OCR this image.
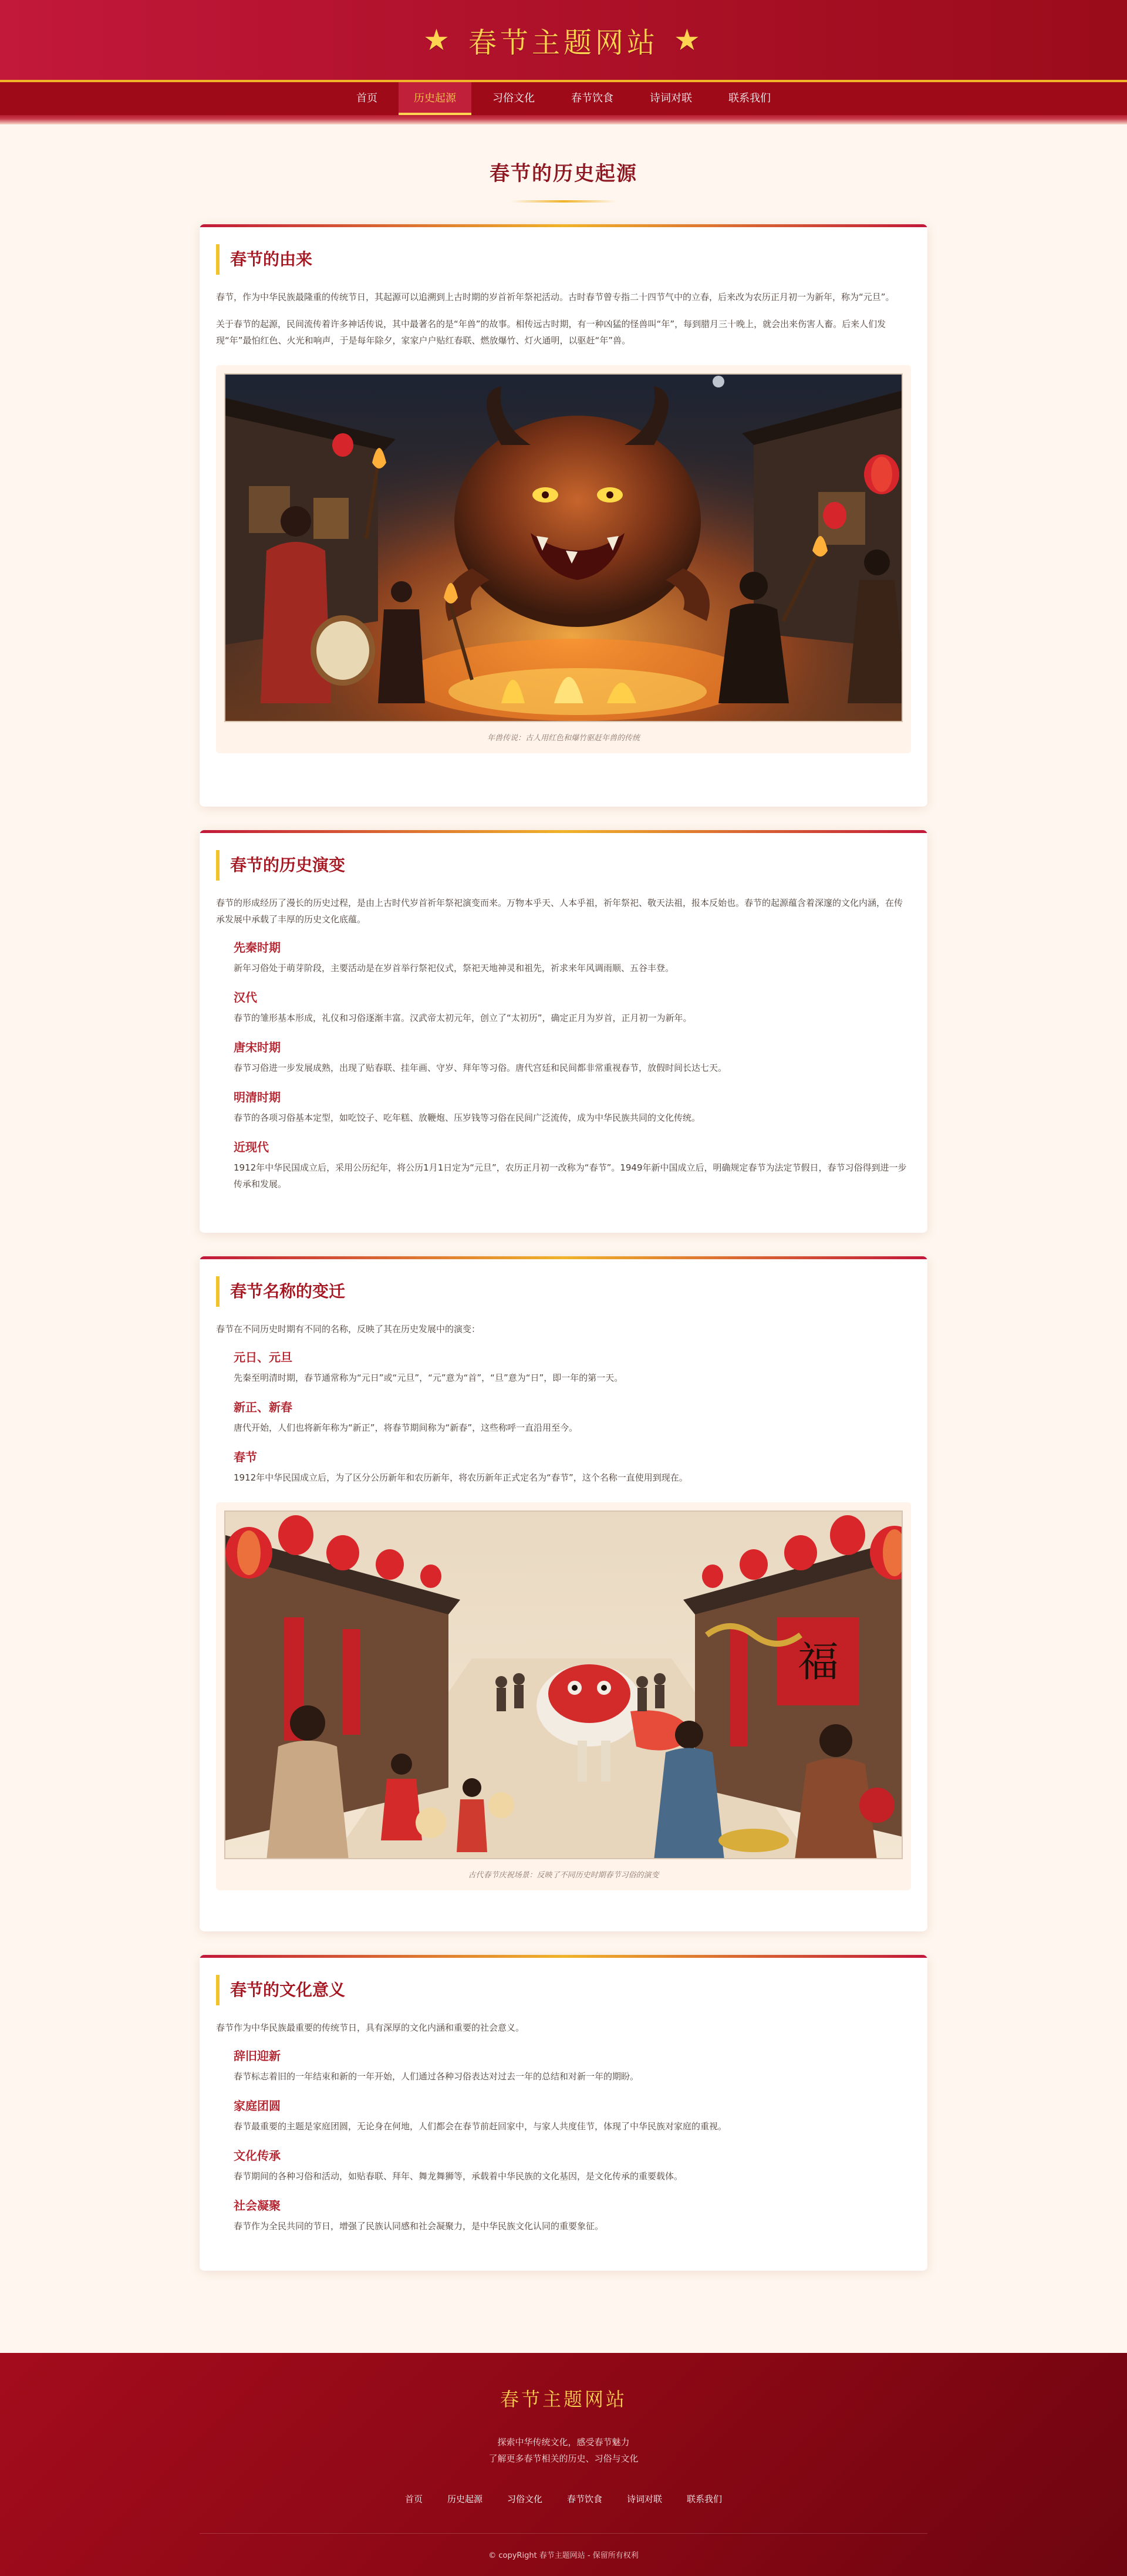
★ 春节主题网站 ★
首页	历史起源	习俗文化	春节饮食	诗词对联	联系我们
春节的历史起源
春节的由来

春节，作为中华民族最隆重的传统节日，其起源可以追溯到上古时期的岁首祈年祭祀活动。古时春节曾专指二十四节气中的立春，后来改为农历正月初一为新年，称为“元旦”。

关于春节的起源，民间流传着许多神话传说，其中最著名的是“年兽”的故事。相传远古时期，有一种凶猛的怪兽叫“年”，每到腊月三十晚上，就会出来伤害人畜。后来人们发现“年”最怕红色、火光和响声，于是每年除夕，家家户户贴红春联、燃放爆竹、灯火通明，以驱赶“年”兽。

年兽传说：古人用红色和爆竹驱赶年兽的传统
春节的历史演变

春节的形成经历了漫长的历史过程，是由上古时代岁首祈年祭祀演变而来。万物本乎天、人本乎祖，祈年祭祀、敬天法祖，报本反始也。春节的起源蕴含着深邃的文化内涵，在传承发展中承载了丰厚的历史文化底蕴。

先秦时期

新年习俗处于萌芽阶段，主要活动是在岁首举行祭祀仪式，祭祀天地神灵和祖先，祈求来年风调雨顺、五谷丰登。

汉代

春节的雏形基本形成，礼仪和习俗逐渐丰富。汉武帝太初元年，创立了“太初历”，确定正月为岁首，正月初一为新年。

唐宋时期

春节习俗进一步发展成熟，出现了贴春联、挂年画、守岁、拜年等习俗。唐代宫廷和民间都非常重视春节，放假时间长达七天。

明清时期

春节的各项习俗基本定型，如吃饺子、吃年糕、放鞭炮、压岁钱等习俗在民间广泛流传，成为中华民族共同的文化传统。

近现代

1912年中华民国成立后，采用公历纪年，将公历1月1日定为“元旦”，农历正月初一改称为“春节”。1949年新中国成立后，明确规定春节为法定节假日，春节习俗得到进一步传承和发展。

春节名称的变迁

春节在不同历史时期有不同的名称，反映了其在历史发展中的演变：

元日、元旦

先秦至明清时期，春节通常称为“元日”或“元旦”，“元”意为“首”，“旦”意为“日”，即一年的第一天。

新正、新春

唐代开始，人们也将新年称为“新正”，将春节期间称为“新春”，这些称呼一直沿用至今。

春节

1912年中华民国成立后，为了区分公历新年和农历新年，将农历新年正式定名为“春节”，这个名称一直使用到现在。

福
古代春节庆祝场景：反映了不同历史时期春节习俗的演变
春节的文化意义

春节作为中华民族最重要的传统节日，具有深厚的文化内涵和重要的社会意义。

辞旧迎新

春节标志着旧的一年结束和新的一年开始，人们通过各种习俗表达对过去一年的总结和对新一年的期盼。

家庭团圆

春节最重要的主题是家庭团圆，无论身在何地，人们都会在春节前赶回家中，与家人共度佳节，体现了中华民族对家庭的重视。

文化传承

春节期间的各种习俗和活动，如贴春联、拜年、舞龙舞狮等，承载着中华民族的文化基因，是文化传承的重要载体。

社会凝聚

春节作为全民共同的节日，增强了民族认同感和社会凝聚力，是中华民族文化认同的重要象征。

春节主题网站
探索中华传统文化，感受春节魅力
了解更多春节相关的历史、习俗与文化
首页	历史起源	习俗文化	春节饮食	诗词对联	联系我们
© copyRight 春节主题网站 - 保留所有权利
